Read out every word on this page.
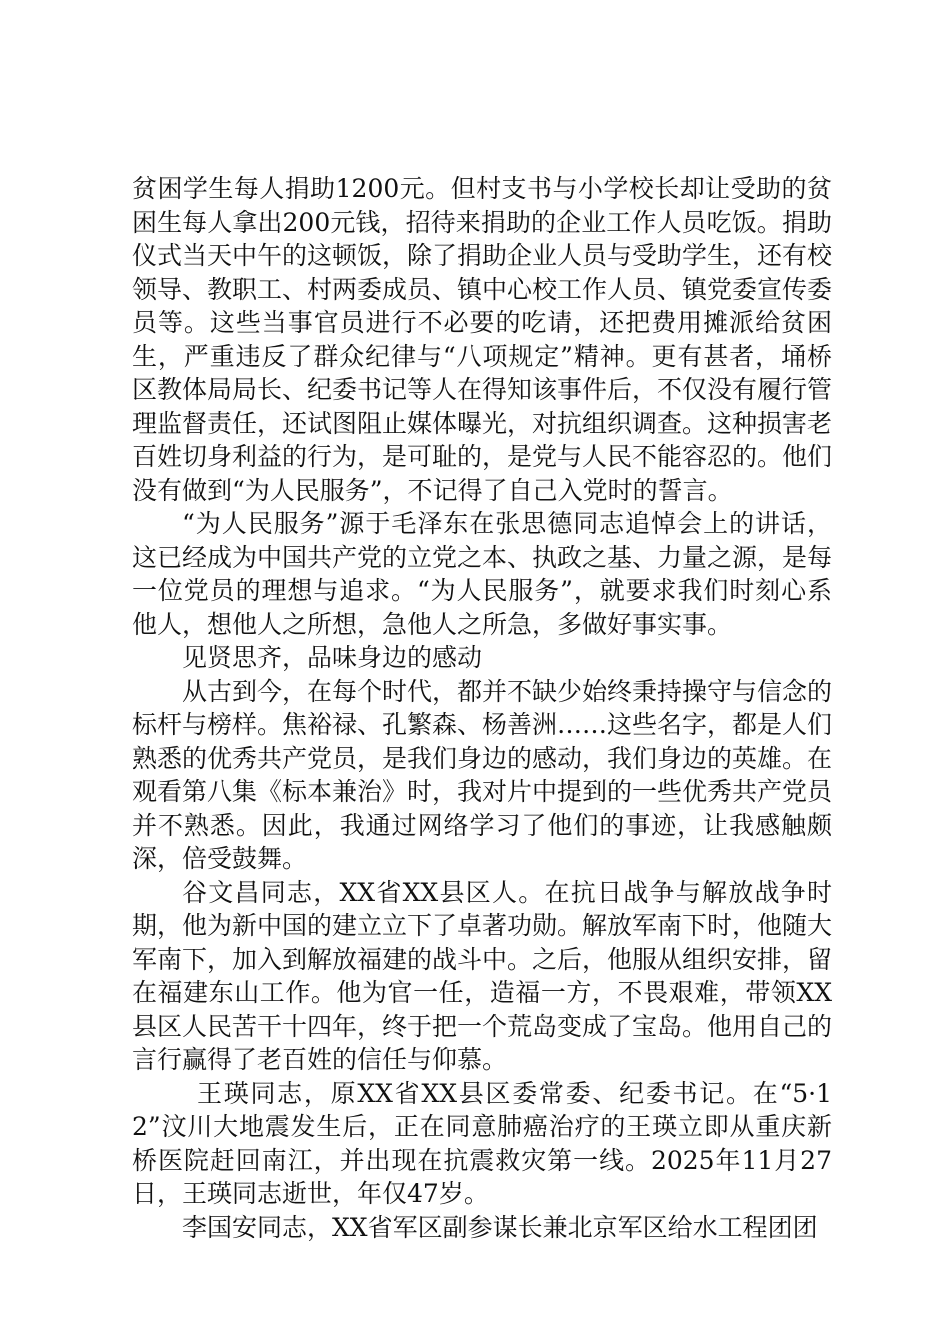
贫困学生每人捐助1200元。但村支书与小学校长却让受助的贫困生每人拿出200元钱，招待来捐助的企业工作人员吃饭。捐助仪式当天中午的这顿饭，除了捐助企业人员与受助学生，还有校领导、教职工、村两委成员、镇中心校工作人员、镇党委宣传委员等。这些当事官员进行不必要的吃请，还把费用摊派给贫困生，严重违反了群众纪律与“八项规定”精神。更有甚者，埇桥区教体局局长、纪委书记等人在得知该事件后，不仅没有履行管理监督责任，还试图阻止媒体曝光，对抗组织调查。这种损害老百姓切身利益的行为，是可耻的，是党与人民不能容忍的。他们没有做到“为人民服务”，不记得了自己入党时的誓言。

“为人民服务”源于毛泽东在张思德同志追悼会上的讲话，这已经成为中国共产党的立党之本、执政之基、力量之源，是每一位党员的理想与追求。“为人民服务”，就要求我们时刻心系他人，想他人之所想，急他人之所急，多做好事实事。

见贤思齐，品味身边的感动

从古到今，在每个时代，都并不缺少始终秉持操守与信念的标杆与榜样。焦裕禄、孔繁森、杨善洲……这些名字，都是人们熟悉的优秀共产党员，是我们身边的感动，我们身边的英雄。在观看第八集《标本兼治》时，我对片中提到的一些优秀共产党员并不熟悉。因此，我通过网络学习了他们的事迹，让我感触颇深，倍受鼓舞。

谷文昌同志，XX省XX县区人。在抗日战争与解放战争时期，他为新中国的建立立下了卓著功勋。解放军南下时，他随大军南下，加入到解放福建的战斗中。之后，他服从组织安排，留在福建东山工作。他为官一任，造福一方，不畏艰难，带领XX县区人民苦干十四年，终于把一个荒岛变成了宝岛。他用自己的言行赢得了老百姓的信任与仰慕。

王瑛同志，原XX省XX县区委常委、纪委书记。在“5·12”汶川大地震发生后，正在同意肺癌治疗的王瑛立即从重庆新桥医院赶回南江，并出现在抗震救灾第一线。2025年11月27日，王瑛同志逝世，年仅47岁。

李国安同志，XX省军区副参谋长兼北京军区给水工程团团
